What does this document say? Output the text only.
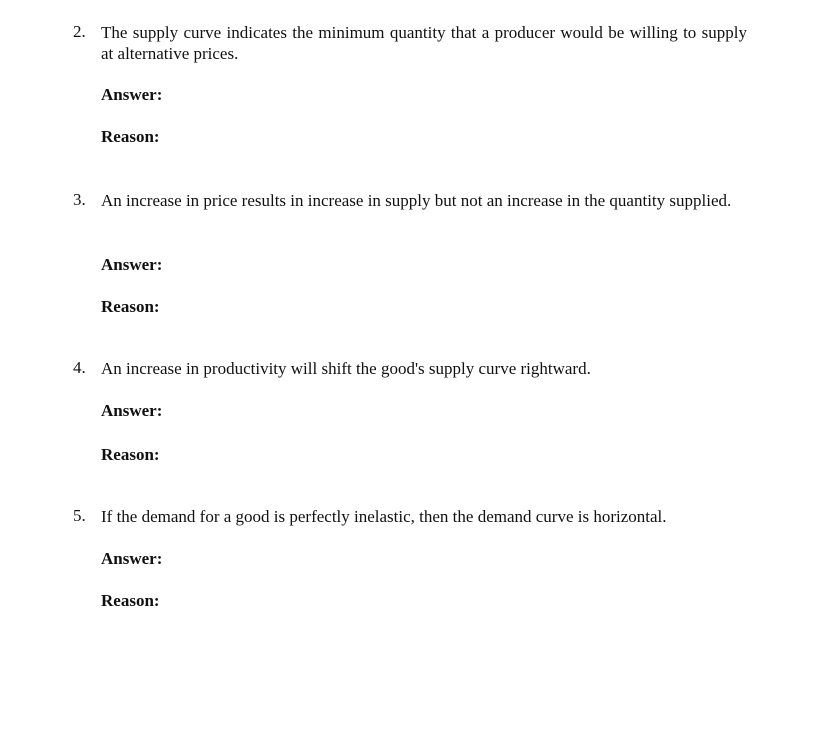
2. The supply curve indicates the minimum quantity that a producer would be willing to supply at alternative prices.
Answer:
Reason:
3. An increase in price results in increase in supply but not an increase in the quantity supplied.
Answer:
Reason:
4. An increase in productivity will shift the good's supply curve rightward.
Answer:
Reason:
5. If the demand for a good is perfectly inelastic, then the demand curve is horizontal.
Answer:
Reason:
